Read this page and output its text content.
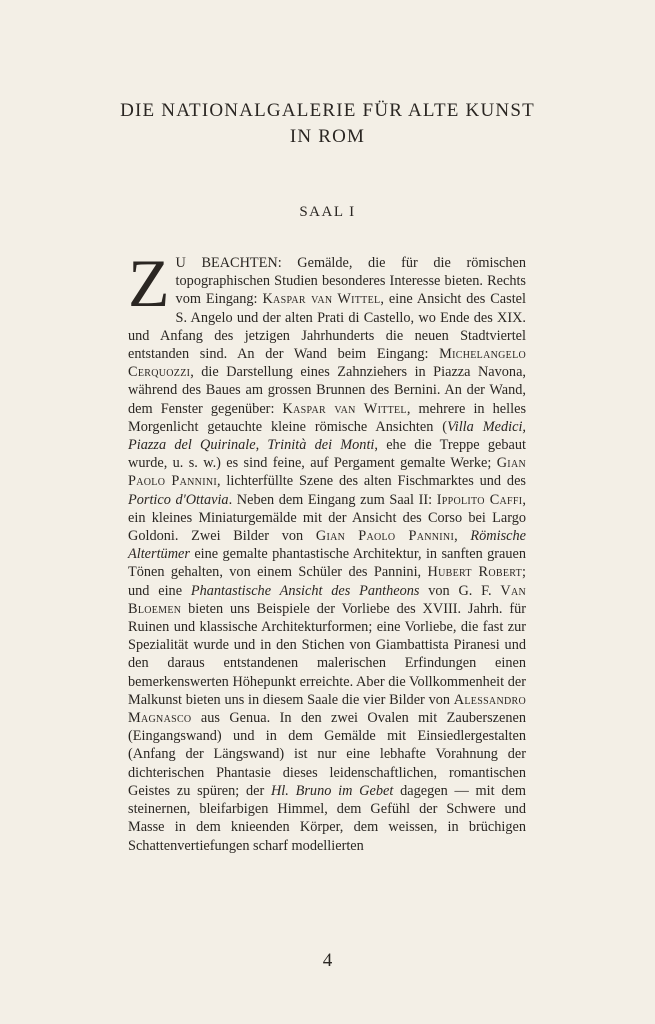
DIE NATIONALGALERIE FÜR ALTE KUNST
IN ROM
SAAL I
Z U BEACHTEN: Gemälde, die für die römischen topographischen Studien besonderes Interesse bieten. Rechts vom Eingang: Kaspar van Wittel, eine Ansicht des Castel S. Angelo und der alten Prati di Castello, wo Ende des XIX. und Anfang des jetzigen Jahrhunderts die neuen Stadtviertel entstanden sind. An der Wand beim Eingang: Michelangelo Cerquozzi, die Darstellung eines Zahnziehers in Piazza Navona, während des Baues am grossen Brunnen des Bernini. An der Wand, dem Fenster gegenüber: Kaspar van Wittel, mehrere in helles Morgenlicht getauchte kleine römische Ansichten (Villa Medici, Piazza del Quirinale, Trinità dei Monti, ehe die Treppe gebaut wurde, u. s. w.) es sind feine, auf Pergament gemalte Werke; Gian Paolo Pannini, lichterfüllte Szene des alten Fischmarktes und des Portico d'Ottavia. Neben dem Eingang zum Saal II: Ippolito Caffi, ein kleines Miniaturgemälde mit der Ansicht des Corso bei Largo Goldoni. Zwei Bilder von Gian Paolo Pannini, Römische Altertümer eine gemalte phantastische Architektur, in sanften grauen Tönen gehalten, von einem Schüler des Pannini, Hubert Robert; und eine Phantastische Ansicht des Pantheons von G. F. Van Bloemen bieten uns Beispiele der Vorliebe des XVIII. Jahrh. für Ruinen und klassische Architekturformen; eine Vorliebe, die fast zur Spezialität wurde und in den Stichen von Giambattista Piranesi und den daraus entstandenen malerischen Erfindungen einen bemerkenswerten Höhepunkt erreichte. Aber die Vollkommenheit der Malkunst bieten uns in diesem Saale die vier Bilder von Alessandro Magnasco aus Genua. In den zwei Ovalen mit Zauberszenen (Eingangswand) und in dem Gemälde mit Einsiedlergestalten (Anfang der Längswand) ist nur eine lebhafte Vorahnung der dichterischen Phantasie dieses leidenschaftlichen, romantischen Geistes zu spüren; der Hl. Bruno im Gebet dagegen — mit dem steinernen, bleifarbigen Himmel, dem Gefühl der Schwere und Masse in dem knieenden Körper, dem weissen, in brüchigen Schattenvertiefungen scharf modellierten
4
